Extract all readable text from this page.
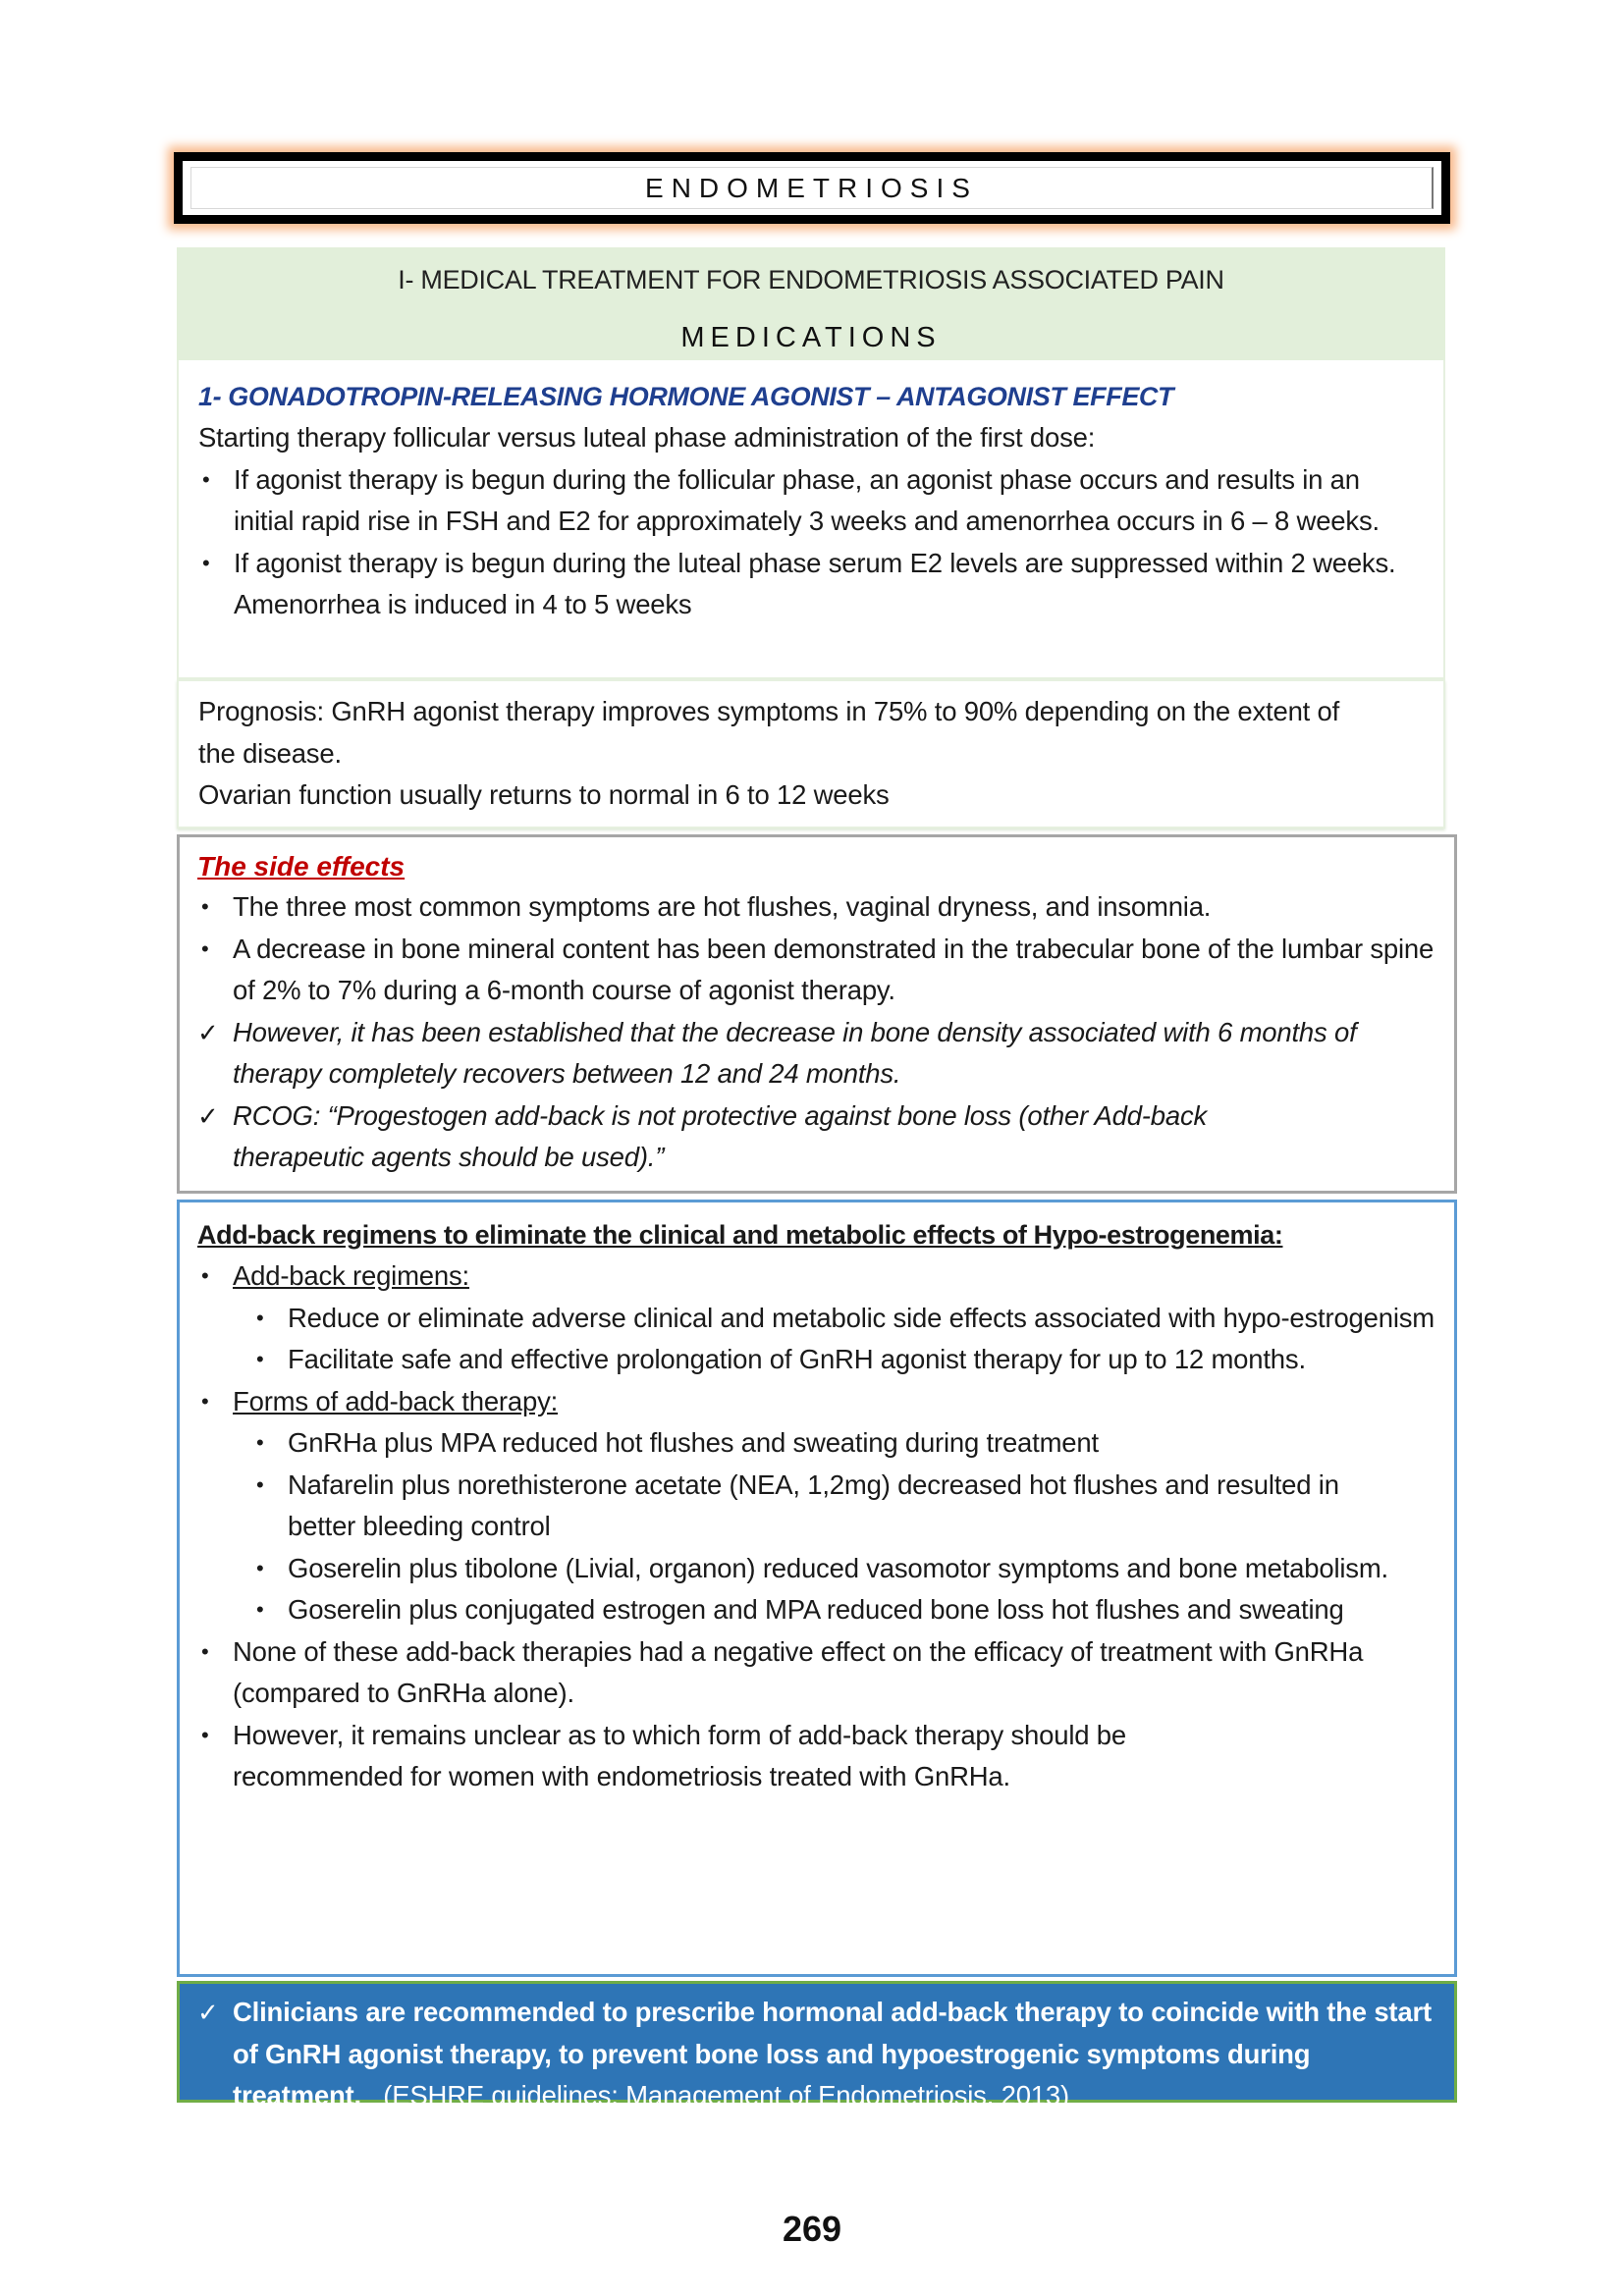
ENDOMETRIOSIS
I- MEDICAL TREATMENT FOR ENDOMETRIOSIS ASSOCIATED PAIN
MEDICATIONS
1- GONADOTROPIN-RELEASING HORMONE AGONIST – ANTAGONIST EFFECT
Starting therapy follicular versus luteal phase administration of the first dose:
• If agonist therapy is begun during the follicular phase, an agonist phase occurs and results in an initial rapid rise in FSH and E2 for approximately 3 weeks and amenorrhea occurs in 6 – 8 weeks.
• If agonist therapy is begun during the luteal phase serum E2 levels are suppressed within 2 weeks. Amenorrhea is induced in 4 to 5 weeks
Prognosis: GnRH agonist therapy improves symptoms in 75% to 90% depending on the extent of the disease.
Ovarian function usually returns to normal in 6 to 12 weeks
The side effects
• The three most common symptoms are hot flushes, vaginal dryness, and insomnia.
• A decrease in bone mineral content has been demonstrated in the trabecular bone of the lumbar spine of 2% to 7% during a 6-month course of agonist therapy.
✓ However, it has been established that the decrease in bone density associated with 6 months of therapy completely recovers between 12 and 24 months.
✓ RCOG: “Progestogen add-back is not protective against bone loss (other Add-back therapeutic agents should be used).”
Add-back regimens to eliminate the clinical and metabolic effects of Hypo-estrogenemia:
• Add-back regimens:
• Reduce or eliminate adverse clinical and metabolic side effects associated with hypo-estrogenism
• Facilitate safe and effective prolongation of GnRH agonist therapy for up to 12 months.
• Forms of add-back therapy:
• GnRHa plus MPA reduced hot flushes and sweating during treatment
• Nafarelin plus norethisterone acetate (NEA, 1,2mg) decreased hot flushes and resulted in better bleeding control
• Goserelin plus tibolone (Livial, organon) reduced vasomotor symptoms and bone metabolism.
• Goserelin plus conjugated estrogen and MPA reduced bone loss hot flushes and sweating
• None of these add-back therapies had a negative effect on the efficacy of treatment with GnRHa (compared to GnRHa alone).
• However, it remains unclear as to which form of add-back therapy should be recommended for women with endometriosis treated with GnRHa.
✓ Clinicians are recommended to prescribe hormonal add-back therapy to coincide with the start of GnRH agonist therapy, to prevent bone loss and hypoestrogenic symptoms during treatment.   (ESHRE guidelines; Management of Endometriosis, 2013)
269
